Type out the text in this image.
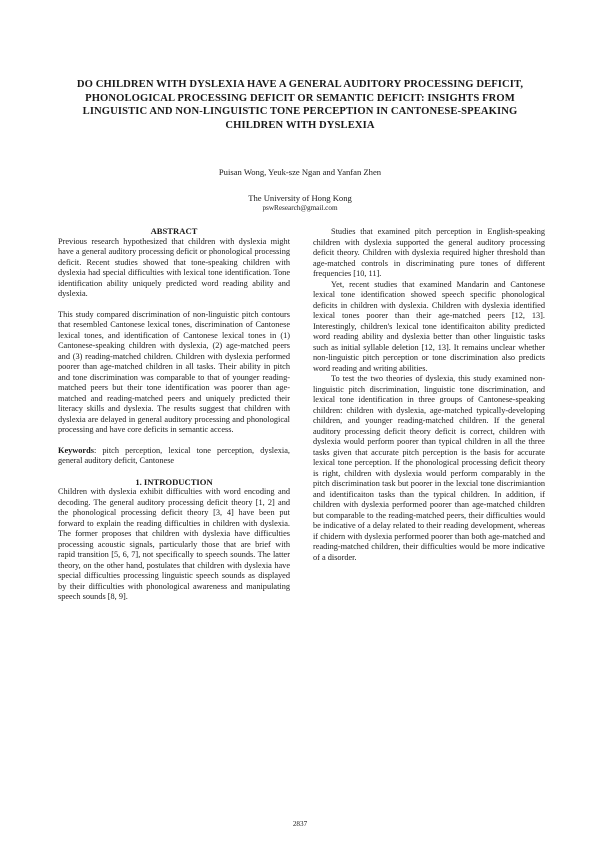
DO CHILDREN WITH DYSLEXIA HAVE A GENERAL AUDITORY PROCESSING DEFICIT, PHONOLOGICAL PROCESSING DEFICIT OR SEMANTIC DEFICIT: INSIGHTS FROM LINGUISTIC AND NON-LINGUISTIC TONE PERCEPTION IN CANTONESE-SPEAKING CHILDREN WITH DYSLEXIA
Puisan Wong, Yeuk-sze Ngan and Yanfan Zhen
The University of Hong Kong
pswResearch@gmail.com

ABSTRACT

Previous research hypothesized that children with dyslexia might have a general auditory processing deficit or phonological processing deficit. Recent studies showed that tone-speaking children with dyslexia had special difficulties with lexical tone identification. Tone identification ability uniquely predicted word reading ability and dyslexia.

This study compared discrimination of non-linguistic pitch contours that resembled Cantonese lexical tones, discrimination of Cantonese lexical tones, and identification of Cantonese lexical tones in (1) Cantonese-speaking children with dyslexia, (2) age-matched peers and (3) reading-matched children. Children with dyslexia performed poorer than age-matched children in all tasks. Their ability in pitch and tone discrimination was comparable to that of younger reading-matched peers but their tone identification was poorer than age-matched and reading-matched peers and uniquely predicted their literacy skills and dyslexia. The results suggest that children with dyslexia are delayed in general auditory processing and phonological processing and have core deficits in semantic access.

Keywords: pitch perception, lexical tone perception, dyslexia, general auditory deficit, Cantonese

1. INTRODUCTION

Children with dyslexia exhibit difficulties with word encoding and decoding. The general auditory processing deficit theory [1, 2] and the phonological processing deficit theory [3, 4] have been put forward to explain the reading difficulties in children with dyslexia. The former proposes that children with dyslexia have difficulties processing acoustic signals, particularly those that are brief with rapid transition [5, 6, 7], not specifically to speech sounds. The latter theory, on the other hand, postulates that children with dyslexia have special difficulties processing linguistic speech sounds as displayed by their difficulties with phonological awareness and manipulating speech sounds [8, 9].

Studies that examined pitch perception in English-speaking children with dyslexia supported the general auditory processing deficit theory. Children with dyslexia required higher threshold than age-matched controls in discriminating pure tones of different frequencies [10, 11].

Yet, recent studies that examined Mandarin and Cantonese lexical tone identification showed speech specific phonological deficits in children with dyslexia. Children with dyslexia identified lexical tones poorer than their age-matched peers [12, 13]. Interestingly, children's lexical tone identificaiton ability predicted word reading ability and dyslexia better than other linguistic tasks such as initial syllable deletion [12, 13]. It remains unclear whether non-linguistic pitch perception or tone discrimination also predicts word reading and writing abilities.

To test the two theories of dyslexia, this study examined non-linguistic pitch discrimination, linguistic tone discrimination, and lexical tone identification in three groups of Cantonese-speaking children: children with dyslexia, age-matched typically-developing children, and younger reading-matched children. If the general auditory processing deficit theory deficit is correct, children with dyslexia would perform poorer than typical children in all the three tasks given that accurate pitch perception is the basis for accurate lexical tone perception. If the phonological processing deficit theory is right, children with dyslexia would perform comparably in the pitch discrimination task but poorer in the lexcial tone discrimiantion and identificaiton tasks than the typical children. In addition, if children with dyslexia performed poorer than age-matched children but comparable to the reading-matched peers, their difficulties would be indicative of a delay related to their reading development, whereas if chidern with dyslexia performed poorer than both age-matched and reading-matched children, their difficulties would be more indicative of a disorder.

2837
